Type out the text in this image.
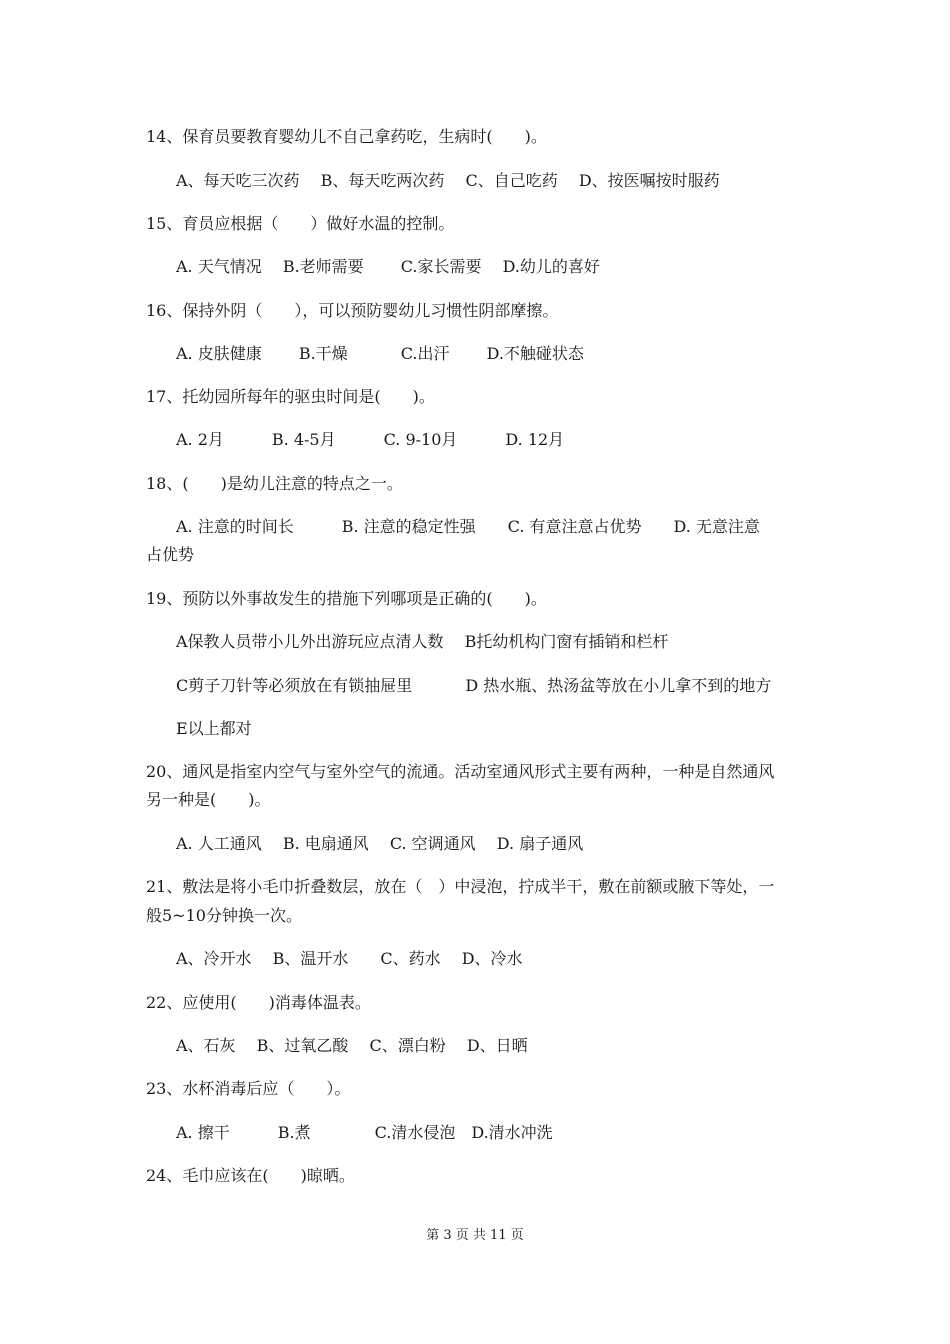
14、保育员要教育婴幼儿不自己拿药吃，生病时(　　)。
A、每天吃三次药　 B、每天吃两次药　 C、自己吃药　 D、按医嘱按时服药
15、育员应根据（　　）做好水温的控制。
A. 天气情况　 B.老师需要　　 C.家长需要　 D.幼儿的喜好
16、保持外阴（　　），可以预防婴幼儿习惯性阴部摩擦。
A. 皮肤健康　　 B.干燥　　　 C.出汗　　 D.不触碰状态
17、托幼园所每年的驱虫时间是(　　)。
A. 2月　　　B. 4-5月　　　C. 9-10月　　　D. 12月
18、(　　)是幼儿注意的特点之一。
A. 注意的时间长　　　B. 注意的稳定性强　　C. 有意注意占优势　　D. 无意注意
占优势
19、预防以外事故发生的措施下列哪项是正确的(　　)。
A保教人员带小儿外出游玩应点清人数　 B托幼机构门窗有插销和栏杆
C剪子刀针等必须放在有锁抽屉里　　　 D 热水瓶、热汤盆等放在小儿拿不到的地方
E以上都对
20、通风是指室内空气与室外空气的流通。活动室通风形式主要有两种，一种是自然通风
另一种是(　　)。
A. 人工通风　 B. 电扇通风　 C. 空调通风　 D. 扇子通风
21、敷法是将小毛巾折叠数层，放在（　）中浸泡，拧成半干，敷在前额或腋下等处，一
般5~10分钟换一次。
A、冷开水　 B、温开水　　C、药水　 D、冷水
22、应使用(　　)消毒体温表。
A、石灰　 B、过氧乙酸　 C、漂白粉　 D、日晒
23、水杯消毒后应（　　）。
A. 擦干　　　B.煮　　　　C.清水侵泡　D.清水冲洗
24、毛巾应该在(　　)晾晒。
第 3 页 共 11 页
